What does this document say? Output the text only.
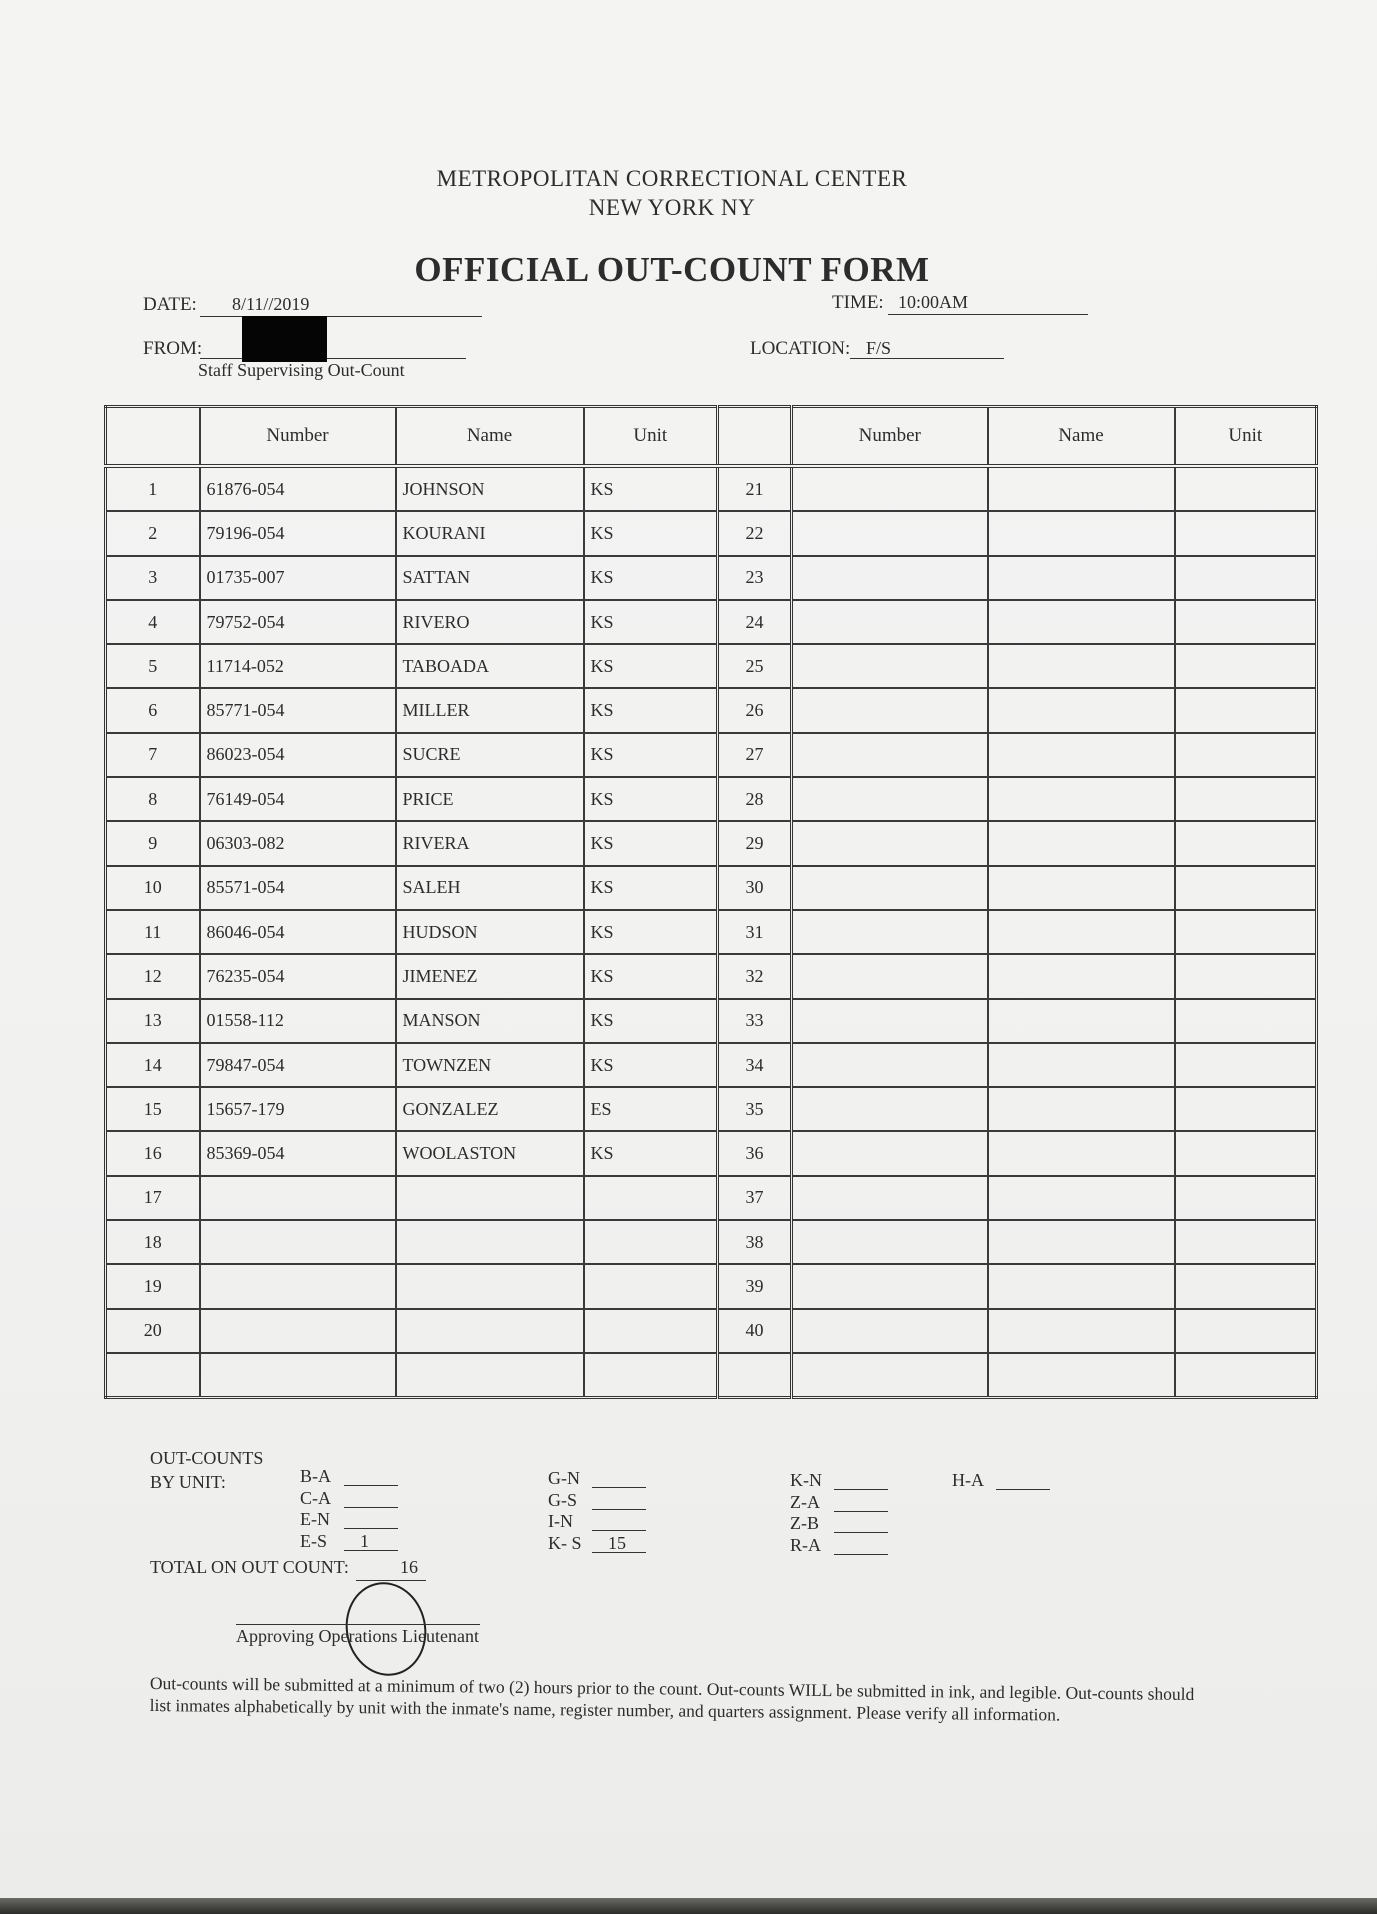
METROPOLITAN CORRECTIONAL CENTER
NEW YORK NY
OFFICIAL OUT-COUNT FORM
DATE: 8/11//2019	TIME: 10:00AM
FROM:
Staff Supervising Out-Count
LOCATION: F/S
	Number	Name	Unit		Number	Name	Unit
1	61876-054	JOHNSON	KS	21			
2	79196-054	KOURANI	KS	22			
3	01735-007	SATTAN	KS	23			
4	79752-054	RIVERO	KS	24			
5	11714-052	TABOADA	KS	25			
6	85771-054	MILLER	KS	26			
7	86023-054	SUCRE	KS	27			
8	76149-054	PRICE	KS	28			
9	06303-082	RIVERA	KS	29			
10	85571-054	SALEH	KS	30			
11	86046-054	HUDSON	KS	31			
12	76235-054	JIMENEZ	KS	32			
13	01558-112	MANSON	KS	33			
14	79847-054	TOWNZEN	KS	34			
15	15657-179	GONZALEZ	ES	35			
16	85369-054	WOOLASTON	KS	36			
17				37			
18				38			
19				39			
20				40			

OUT-COUNTS
BY UNIT:	B-A
C-A
E-N
E-S 1
G-N
G-S
I-N
K- S 15
K-N
Z-A
Z-B
R-A
H-A
TOTAL ON OUT COUNT:	16
Approving Operations Lieutenant
Out-counts will be submitted at a minimum of two (2) hours prior to the count. Out-counts WILL be submitted in ink, and legible. Out-counts should list inmates alphabetically by unit with the inmate's name, register number, and quarters assignment. Please verify all information.
